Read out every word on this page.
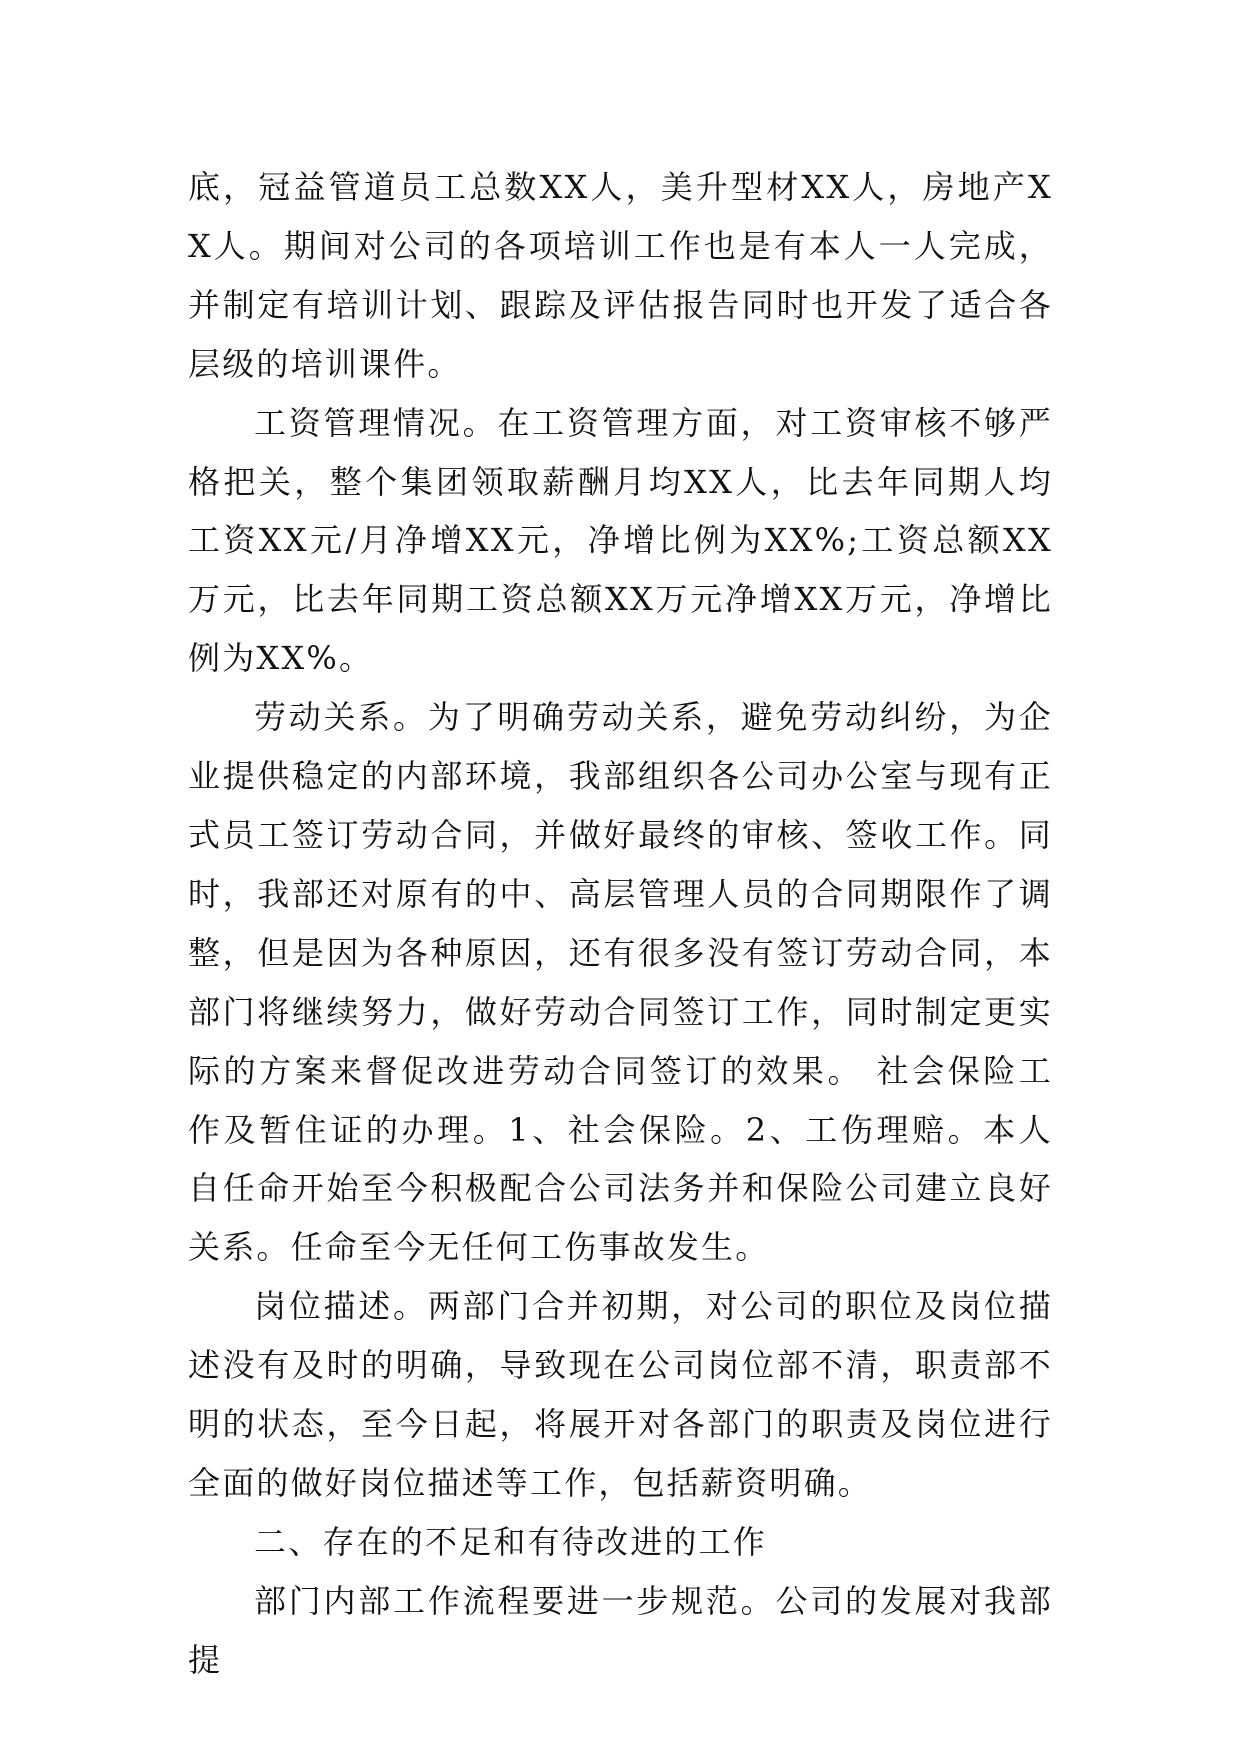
底，冠益管道员工总数XX人，美升型材XX人，房地产XX人。期间对公司的各项培训工作也是有本人一人完成，并制定有培训计划、跟踪及评估报告同时也开发了适合各层级的培训课件。

工资管理情况。在工资管理方面，对工资审核不够严格把关，整个集团领取薪酬月均XX人，比去年同期人均工资XX元/月净增XX元，净增比例为XX%;工资总额XX万元，比去年同期工资总额XX万元净增XX万元，净增比例为XX%。

劳动关系。为了明确劳动关系，避免劳动纠纷，为企业提供稳定的内部环境，我部组织各公司办公室与现有正式员工签订劳动合同，并做好最终的审核、签收工作。同时，我部还对原有的中、高层管理人员的合同期限作了调整，但是因为各种原因，还有很多没有签订劳动合同，本部门将继续努力，做好劳动合同签订工作，同时制定更实际的方案来督促改进劳动合同签订的效果。 社会保险工作及暂住证的办理。1、社会保险。2、工伤理赔。本人自任命开始至今积极配合公司法务并和保险公司建立良好关系。任命至今无任何工伤事故发生。

岗位描述。两部门合并初期，对公司的职位及岗位描述没有及时的明确，导致现在公司岗位部不清，职责部不明的状态，至今日起，将展开对各部门的职责及岗位进行全面的做好岗位描述等工作，包括薪资明确。

二、存在的不足和有待改进的工作

部门内部工作流程要进一步规范。公司的发展对我部提
